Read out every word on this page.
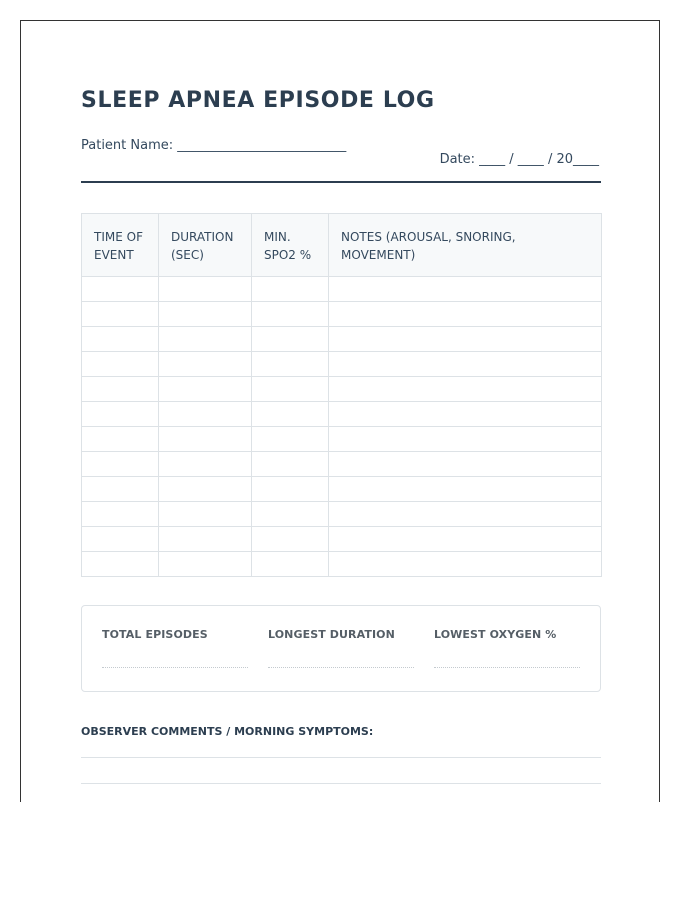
SLEEP APNEA EPISODE LOG
Patient Name: __________________________
Date: ____ / ____ / 20____
TIME OF EVENT	DURATION (SEC)	MIN. SPO2 %	NOTES (AROUSAL, SNORING, MOVEMENT)

TOTAL EPISODES	LONGEST DURATION	LOWEST OXYGEN %
OBSERVER COMMENTS / MORNING SYMPTOMS:
